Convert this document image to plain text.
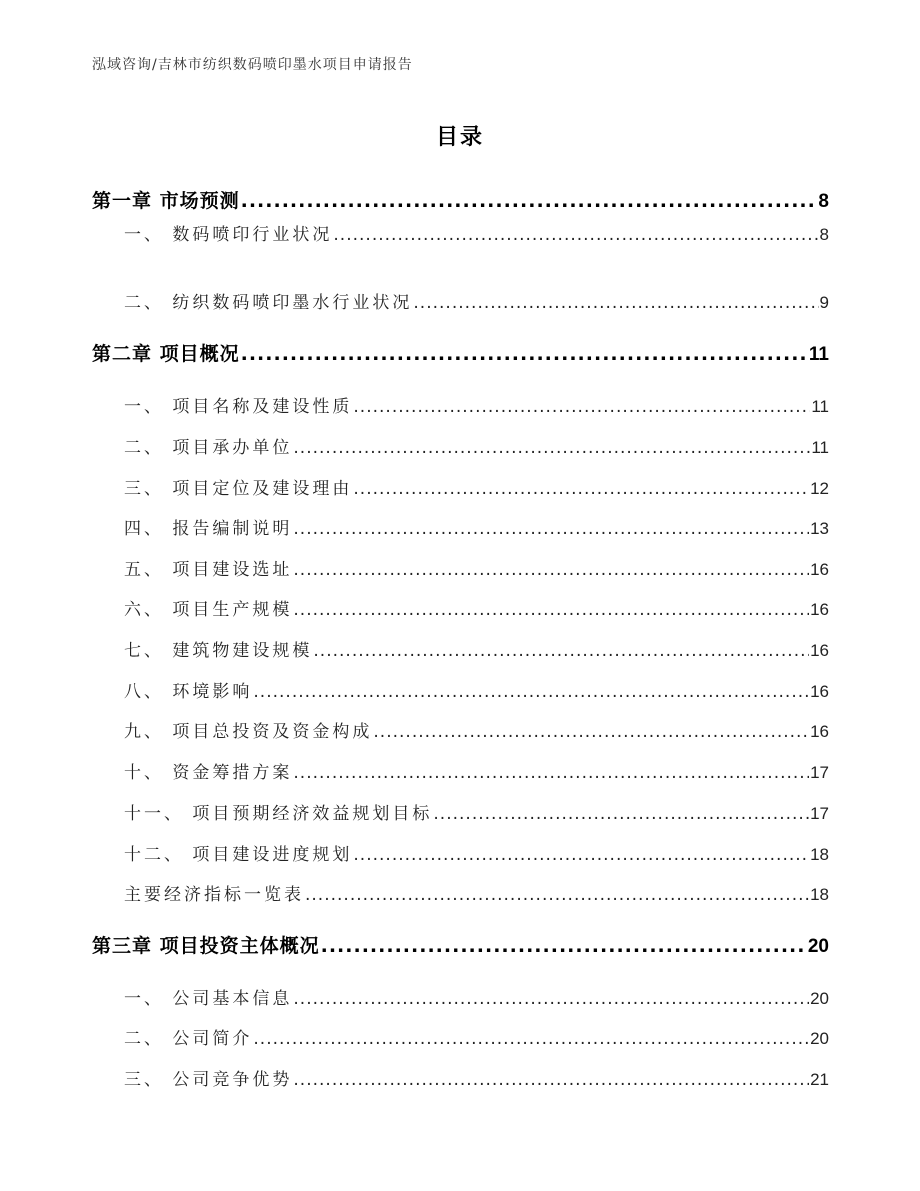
泓域咨询/吉林市纺织数码喷印墨水项目申请报告
目录
第一章 市场预测 .....	8
一、 数码喷印行业状况 .....	8
二、 纺织数码喷印墨水行业状况 .....	9
第二章 项目概况 .....	11
一、 项目名称及建设性质 .....	11
二、 项目承办单位 .....	11
三、 项目定位及建设理由 .....	12
四、 报告编制说明 .....	13
五、 项目建设选址 .....	16
六、 项目生产规模 .....	16
七、 建筑物建设规模 .....	16
八、 环境影响 .....	16
九、 项目总投资及资金构成 .....	16
十、 资金筹措方案 .....	17
十一、 项目预期经济效益规划目标 .....	17
十二、 项目建设进度规划 .....	18
主要经济指标一览表 .....	18
第三章 项目投资主体概况 .....	20
一、 公司基本信息 .....	20
二、 公司简介 .....	20
三、 公司竞争优势 .....	21
